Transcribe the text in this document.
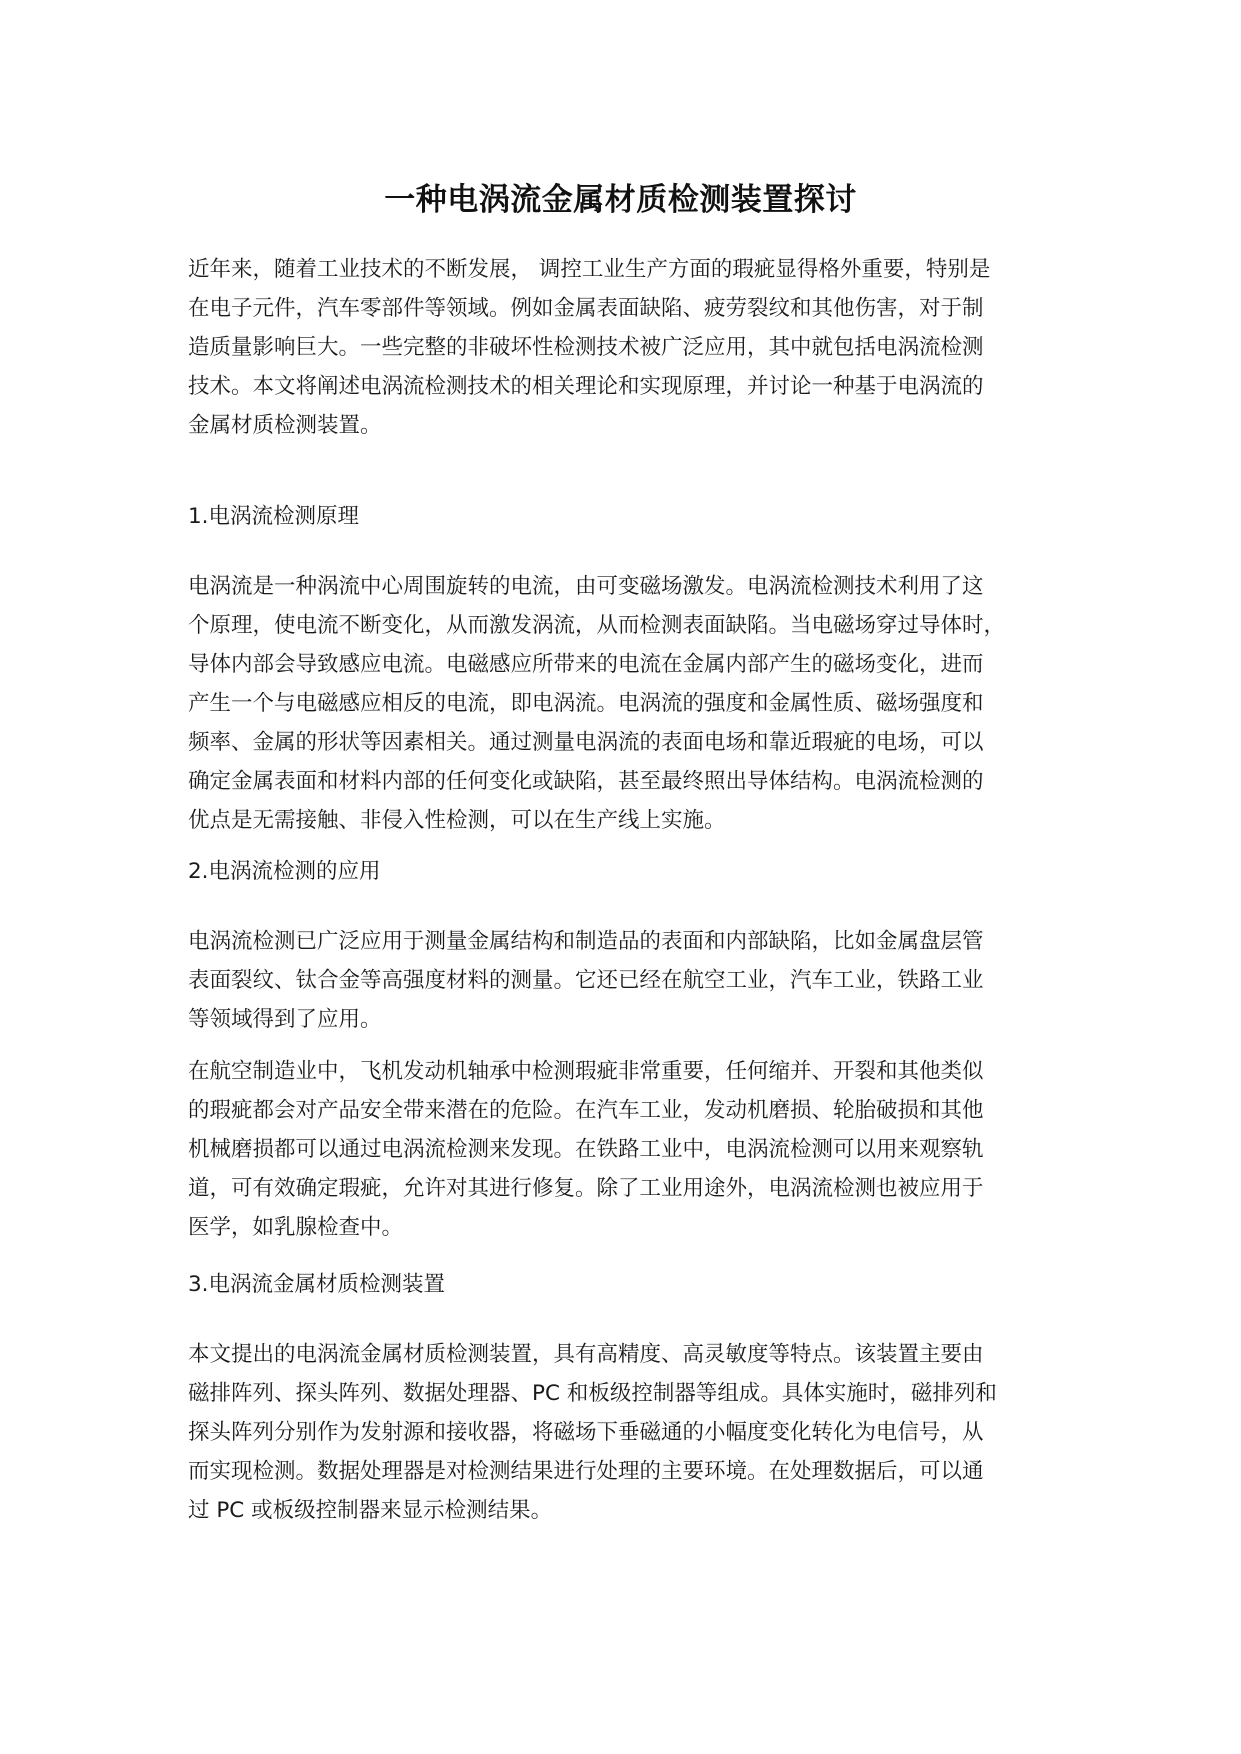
一种电涡流金属材质检测装置探讨

近年来，随着工业技术的不断发展， 调控工业生产方面的瑕疵显得格外重要，特别是
在电子元件，汽车零部件等领域。例如金属表面缺陷、疲劳裂纹和其他伤害，对于制
造质量影响巨大。一些完整的非破坏性检测技术被广泛应用，其中就包括电涡流检测
技术。本文将阐述电涡流检测技术的相关理论和实现原理，并讨论一种基于电涡流的
金属材质检测装置。

1.电涡流检测原理

电涡流是一种涡流中心周围旋转的电流，由可变磁场激发。电涡流检测技术利用了这
个原理，使电流不断变化，从而激发涡流，从而检测表面缺陷。当电磁场穿过导体时，
导体内部会导致感应电流。电磁感应所带来的电流在金属内部产生的磁场变化，进而
产生一个与电磁感应相反的电流，即电涡流。电涡流的强度和金属性质、磁场强度和
频率、金属的形状等因素相关。通过测量电涡流的表面电场和靠近瑕疵的电场，可以
确定金属表面和材料内部的任何变化或缺陷，甚至最终照出导体结构。电涡流检测的
优点是无需接触、非侵入性检测，可以在生产线上实施。

2.电涡流检测的应用

电涡流检测已广泛应用于测量金属结构和制造品的表面和内部缺陷，比如金属盘层管
表面裂纹、钛合金等高强度材料的测量。它还已经在航空工业，汽车工业，铁路工业
等领域得到了应用。

在航空制造业中，飞机发动机轴承中检测瑕疵非常重要，任何缩并、开裂和其他类似
的瑕疵都会对产品安全带来潜在的危险。在汽车工业，发动机磨损、轮胎破损和其他
机械磨损都可以通过电涡流检测来发现。在铁路工业中，电涡流检测可以用来观察轨
道，可有效确定瑕疵，允许对其进行修复。除了工业用途外，电涡流检测也被应用于
医学，如乳腺检查中。

3.电涡流金属材质检测装置

本文提出的电涡流金属材质检测装置，具有高精度、高灵敏度等特点。该装置主要由
磁排阵列、探头阵列、数据处理器、PC 和板级控制器等组成。具体实施时，磁排列和
探头阵列分别作为发射源和接收器，将磁场下垂磁通的小幅度变化转化为电信号，从
而实现检测。数据处理器是对检测结果进行处理的主要环境。在处理数据后，可以通
过 PC 或板级控制器来显示检测结果。
